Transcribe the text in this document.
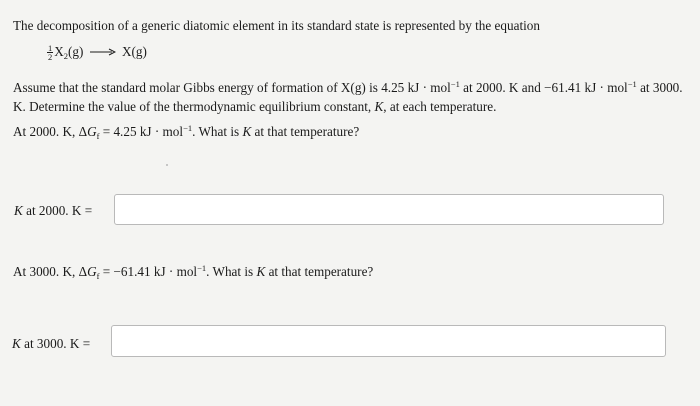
The decomposition of a generic diatomic element in its standard state is represented by the equation
$\frac{1}{2} X_2(g) \to X(g)$
Assume that the standard molar Gibbs energy of formation of X(g) is 4.25 kJ · mol$^{-1}$ at 2000. K and −61.41 kJ · mol$^{-1}$ at 3000.
K. Determine the value of the thermodynamic equilibrium constant, K, at each temperature.
At 2000. K, $\Delta G_f = 4.25$ kJ · mol$^{-1}$. What is K at that temperature?
K at 2000. K =
At 3000. K, $\Delta G_f = -61.41$ kJ · mol$^{-1}$. What is K at that temperature?
K at 3000. K =
